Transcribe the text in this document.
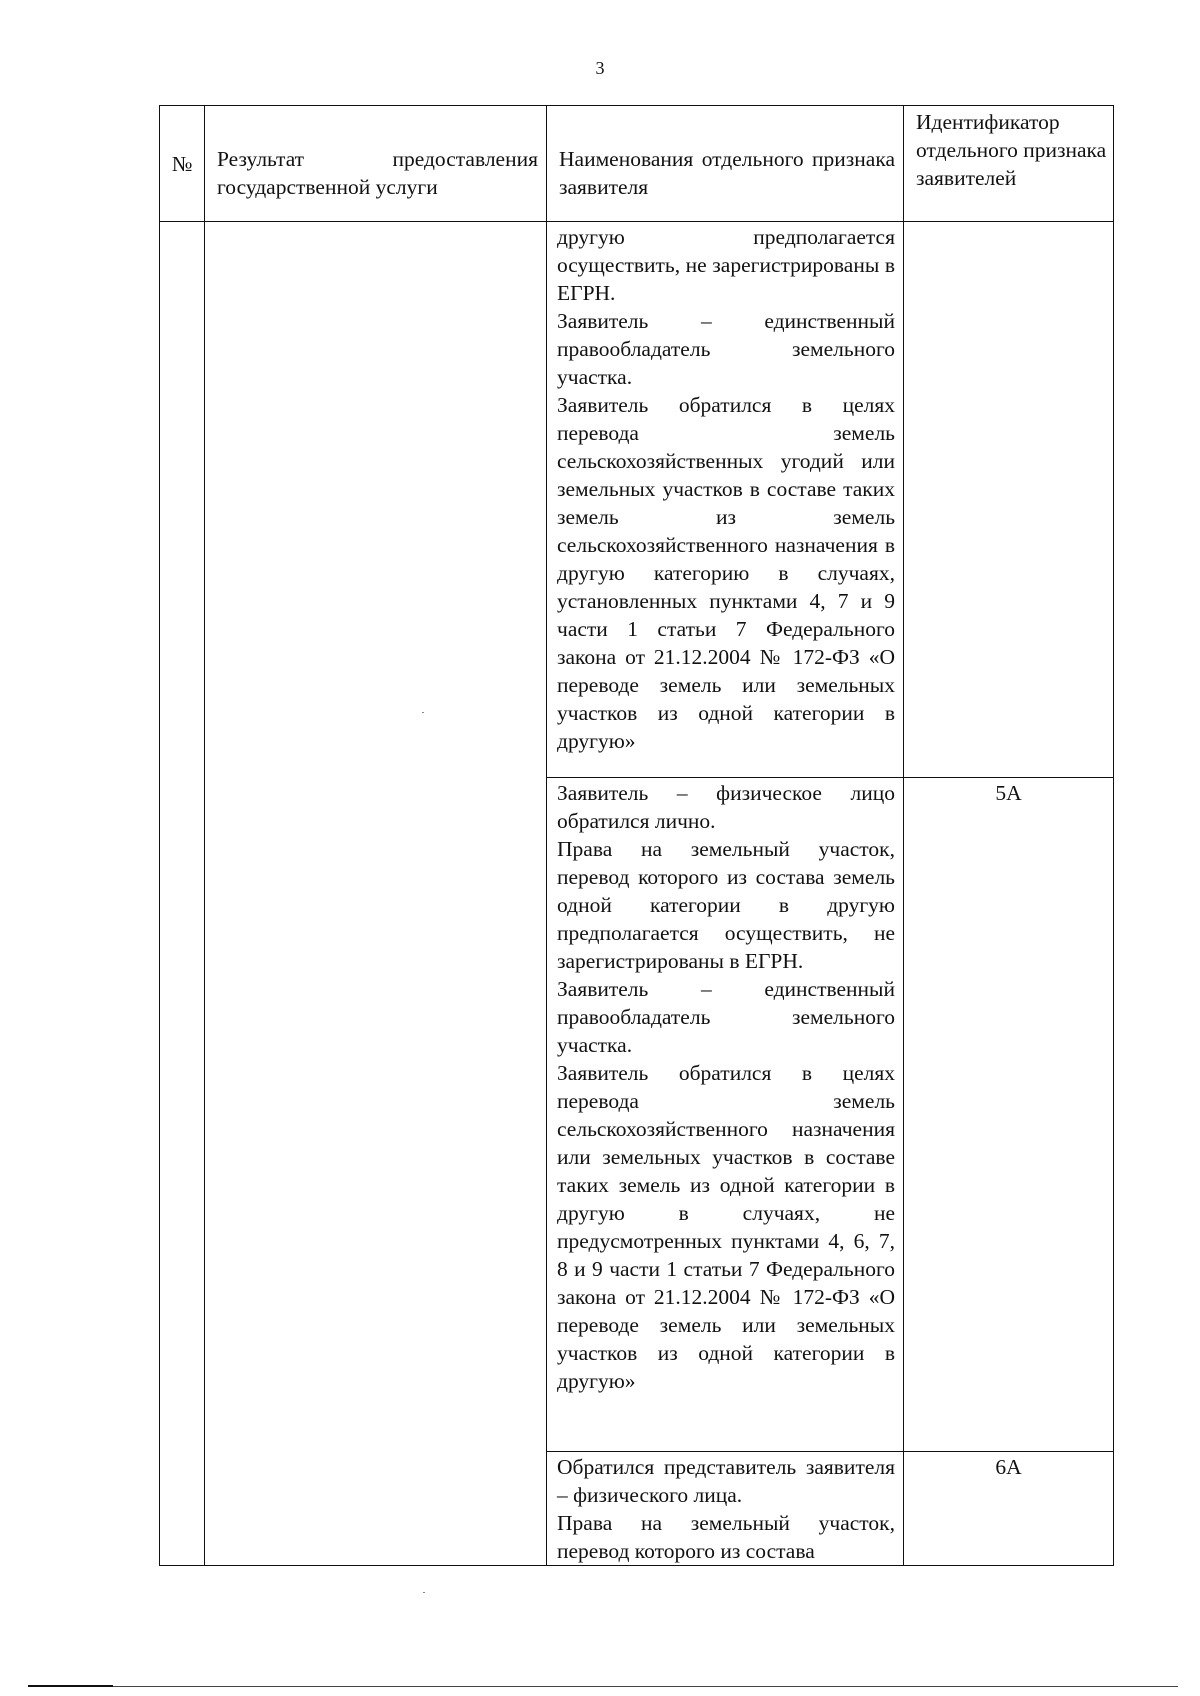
3
№	Результат предоставления государственной услуги	Наименования отдельного признака заявителя	Идентификатор отдельного признака заявителей

		другую предполагается осуществить, не зарегистрированы в ЕГРН.

Заявитель – единственный правообладатель земельного участка.

Заявитель обратился в целях перевода земель сельскохозяйственных угодий или земельных участков в составе таких земель из земель сельскохозяйственного назначения в другую категорию в случаях, установленных пунктами 4, 7 и 9 части 1 статьи 7 Федерального закона от 21.12.2004 № 172-ФЗ «О переводе земель или земельных участков из одной категории в другую»	

		Заявитель – физическое лицо обратился лично.

Права на земельный участок, перевод которого из состава земель одной категории в другую предполагается осуществить, не зарегистрированы в ЕГРН.

Заявитель – единственный правообладатель земельного участка.

Заявитель обратился в целях перевода земель сельскохозяйственного назначения или земельных участков в составе таких земель из одной категории в другую в случаях, не предусмотренных пунктами 4, 6, 7, 8 и 9 части 1 статьи 7 Федерального закона от 21.12.2004 № 172-ФЗ «О переводе земель или земельных участков из одной категории в другую»	5А

		Обратился представитель заявителя – физического лица.

Права на земельный участок, перевод которого из состава	6А
